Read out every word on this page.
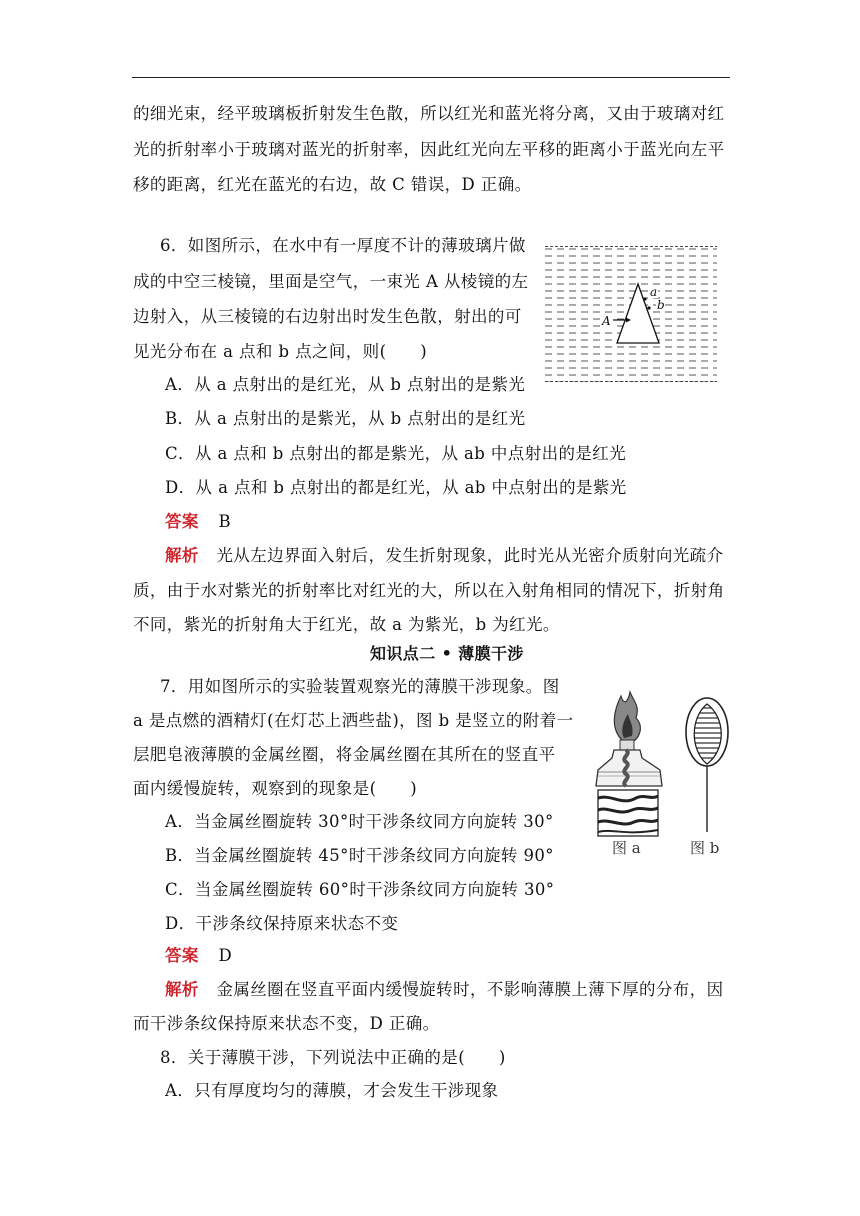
的细光束，经平玻璃板折射发生色散，所以红光和蓝光将分离，又由于玻璃对红
光的折射率小于玻璃对蓝光的折射率，因此红光向左平移的距离小于蓝光向左平
移的距离，红光在蓝光的右边，故 C 错误，D 正确。
6．如图所示，在水中有一厚度不计的薄玻璃片做
成的中空三棱镜，里面是空气，一束光 A 从棱镜的左
边射入，从三棱镜的右边射出时发生色散，射出的可
见光分布在 a 点和 b 点之间，则(　　)
A．从 a 点射出的是红光，从 b 点射出的是紫光
B．从 a 点射出的是紫光，从 b 点射出的是红光
C．从 a 点和 b 点射出的都是紫光，从 ab 中点射出的是红光
D．从 a 点和 b 点射出的都是红光，从 ab 中点射出的是紫光
答案 B
解析 光从左边界面入射后，发生折射现象，此时光从光密介质射向光疏介
质，由于水对紫光的折射率比对红光的大，所以在入射角相同的情况下，折射角
不同，紫光的折射角大于红光，故 a 为紫光，b 为红光。
a
b
A
知识点二 • 薄膜干涉
7．用如图所示的实验装置观察光的薄膜干涉现象。图
a 是点燃的酒精灯(在灯芯上洒些盐)，图 b 是竖立的附着一
层肥皂液薄膜的金属丝圈，将金属丝圈在其所在的竖直平
面内缓慢旋转，观察到的现象是(　　)
A．当金属丝圈旋转 30°时干涉条纹同方向旋转 30°
B．当金属丝圈旋转 45°时干涉条纹同方向旋转 90°
C．当金属丝圈旋转 60°时干涉条纹同方向旋转 30°
D．干涉条纹保持原来状态不变
答案 D
解析 金属丝圈在竖直平面内缓慢旋转时，不影响薄膜上薄下厚的分布，因
而干涉条纹保持原来状态不变，D 正确。
图 a	图 b
8．关于薄膜干涉，下列说法中正确的是(　　)
A．只有厚度均匀的薄膜，才会发生干涉现象
